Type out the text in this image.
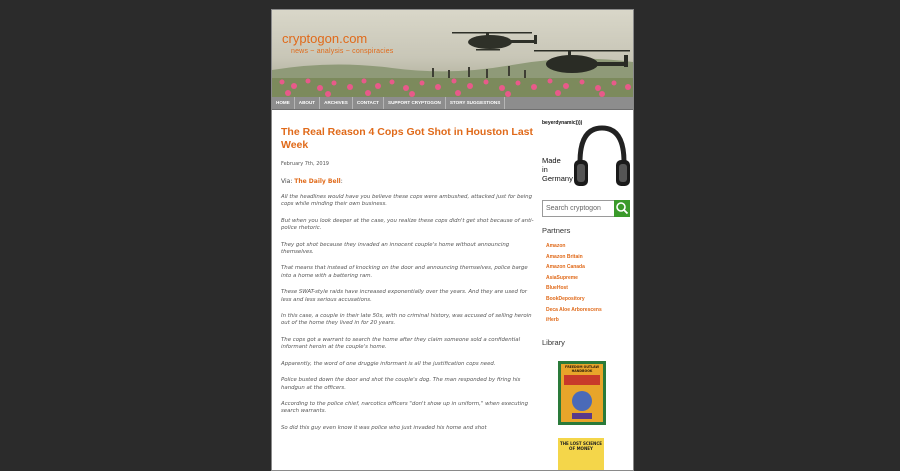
cryptogon.com
news ~ analysis ~ conspiracies
HOME	ABOUT	ARCHIVES	CONTACT	SUPPORT CRYPTOGON	STORY SUGGESTIONS
The Real Reason 4 Cops Got Shot in Houston Last Week
February 7th, 2019
Via: The Daily Bell:

All the headlines would have you believe these cops were ambushed, attacked just for being cops while minding their own business.

But when you look deeper at the case, you realize these cops didn't get shot because of anti-police rhetoric.

They got shot because they invaded an innocent couple's home without announcing themselves.

That means that instead of knocking on the door and announcing themselves, police barge into a home with a battering ram.

These SWAT-style raids have increased exponentially over the years. And they are used for less and less serious accusations.

In this case, a couple in their late 50s, with no criminal history, was accused of selling heroin out of the home they lived in for 20 years.

The cops got a warrant to search the home after they claim someone sold a confidential informant heroin at the couple's home.

Apparently, the word of one druggie informant is all the justification cops need.

Police busted down the door and shot the couple's dog. The man responded by firing his handgun at the officers.

According to the police chief, narcotics officers "don't show up in uniform," when executing search warrants.

So did this guy even know it was police who just invaded his home and shot

beyerdynamic))))
Made
in
Germany
Search cryptogon
Partners
Amazon
Amazon Britain
Amazon Canada
AsiaSupreme
BlueHost
BookDepository
Deca Aloe Arborescens
iHerb
Library
FREEDOM OUTLAW HANDBOOK
THE LOST SCIENCE OF MONEY
